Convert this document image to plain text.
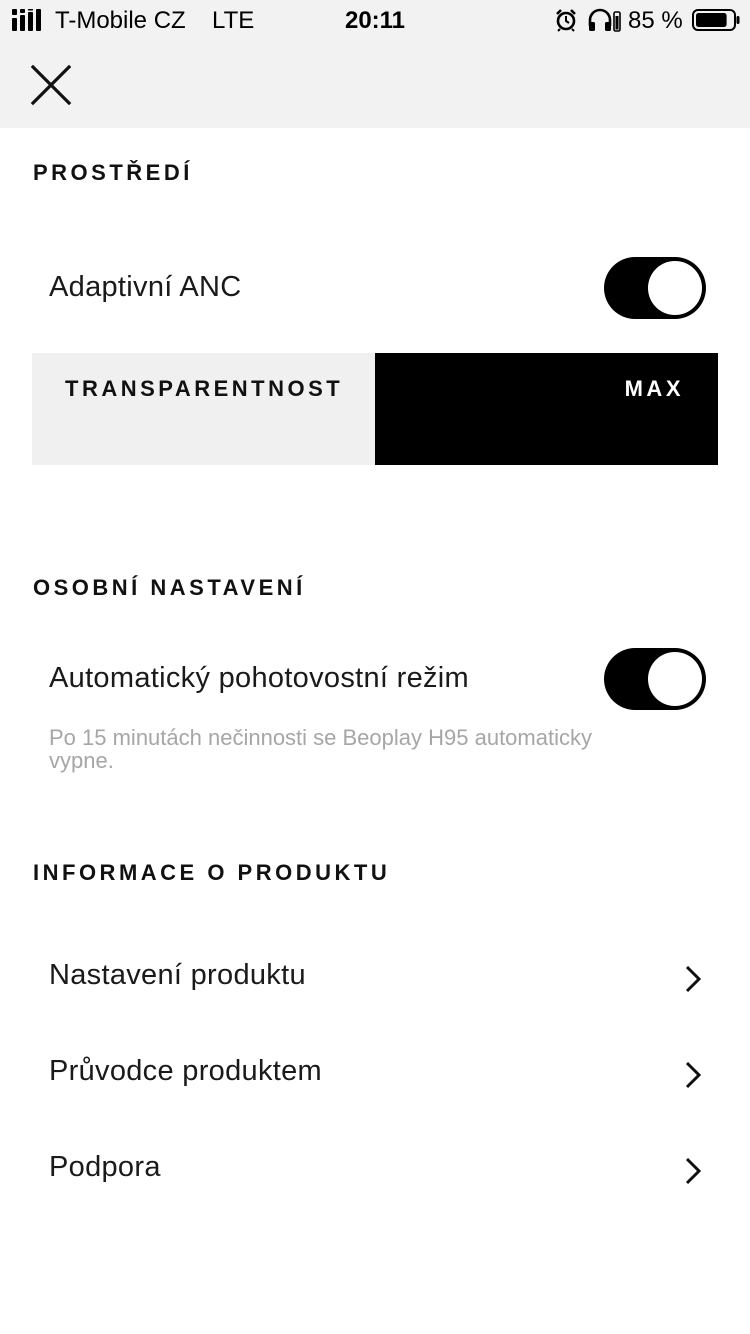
T-Mobile CZ LTE	20:11	85 %
PROSTŘEDÍ
Adaptivní ANC
TRANSPARENTNOST	MAX
OSOBNÍ NASTAVENÍ
Automatický pohotovostní režim
Po 15 minutách nečinnosti se Beoplay H95 automaticky vypne.
INFORMACE O PRODUKTU
Nastavení produktu
Průvodce produktem
Podpora
